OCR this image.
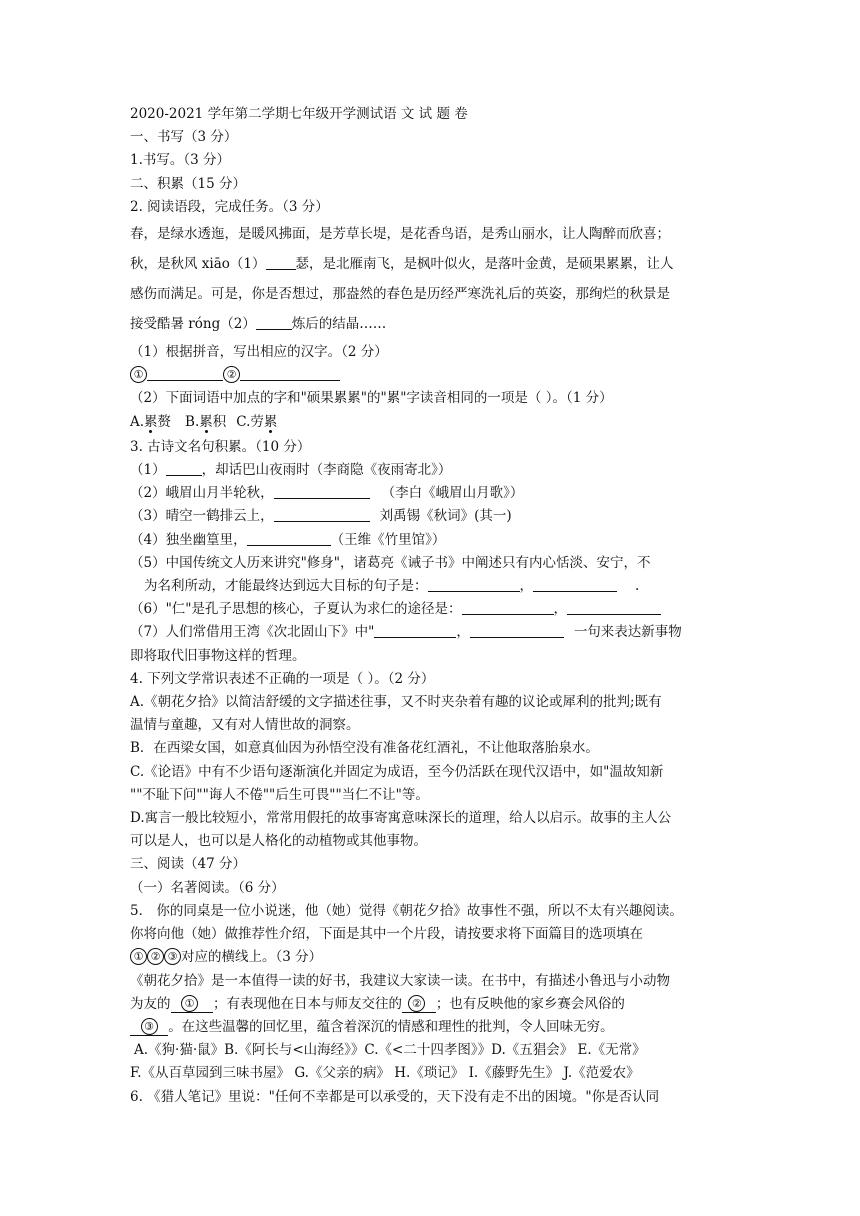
2020-2021 学年第二学期七年级开学测试语 文 试 题 卷
一、书写（3 分）
1.书写。（3 分）
二、积累（15 分）
2. 阅读语段，完成任务。（3 分）
春，是绿水透迤，是暖风拂面，是芳草长堤，是花香鸟语，是秀山丽水，让人陶醉而欣喜；
秋，是秋风 xiāo（1） 瑟，是北雁南飞，是枫叶似火，是落叶金黄，是硕果累累，让人
感伤而满足。可是，你是否想过，那盎然的春色是历经严寒洗礼后的英姿，那绚烂的秋景是
接受酷暑 róng（2）	炼后的结晶……
（1）根据拼音，写出相应的汉字。（2 分）
①	②
（2）下面词语中加点的字和"硕果累累"的"累"字读音相同的一项是（ ）。（1 分）
A.累赘 B.累积 C.劳累
3. 古诗文名句积累。（10 分）
（1）	，却话巴山夜雨时（李商隐《夜雨寄北》）
（2）峨眉山月半轮秋，	（李白《峨眉山月歌》）
（3）晴空一鹤排云上，	刘禹锡《秋词》(其一)
（4）独坐幽篁里，	（王维《竹里馆》）
（5）中国传统文人历来讲究"修身"，诸葛亮《诫子书》中阐述只有内心恬淡、安宁，不
为名利所动，才能最终达到远大目标的句子是：	，	.
（6）"仁"是孔子思想的核心，子夏认为求仁的途径是：	，
（7）人们常借用王湾《次北固山下》中"	，	一句来表达新事物
即将取代旧事物这样的哲理。
4. 下列文学常识表述不正确的一项是（ ）。（2 分）
A.《朝花夕拾》以简洁舒缓的文字描述往事，又不时夹杂着有趣的议论或犀利的批判;既有
温情与童趣，又有对人情世故的洞察。
B．在西梁女国，如意真仙因为孙悟空没有准备花红酒礼，不让他取落胎泉水。
C.《论语》中有不少语句逐渐演化并固定为成语，至今仍活跃在现代汉语中，如"温故知新
""不耻下问""诲人不倦""后生可畏""当仁不让"等。
D.寓言一般比较短小，常常用假托的故事寄寓意味深长的道理，给人以启示。故事的主人公
可以是人，也可以是人格化的动植物或其他事物。
三、阅读（47 分）
（一）名著阅读。（6 分）
5． 你的同桌是一位小说迷，他（她）觉得《朝花夕拾》故事性不强，所以不太有兴趣阅读。
你将向他（她）做推荐性介绍，下面是其中一个片段，请按要求将下面篇目的选项填在
① ② ③ 对应的横线上。（3 分）
《朝花夕拾》是一本值得一读的好书，我建议大家读一读。在书中，有描述小鲁迅与小动物
为友的 ① ；有表现他在日本与师友交往的 ② ；也有反映他的家乡赛会风俗的
③ 。在这些温馨的回忆里，蕴含着深沉的情感和理性的批判，令人回味无穷。
A.《狗·猫·鼠》B.《阿长与<山海经》》C.《<二十四孝图》》D.《五猖会》 E.《无常》
F.《从百草园到三味书屋》 G.《父亲的病》 H.《琐记》 I.《藤野先生》 J.《范爱农》
6. 《猎人笔记》里说："任何不幸都是可以承受的，天下没有走不出的困境。"你是否认同
